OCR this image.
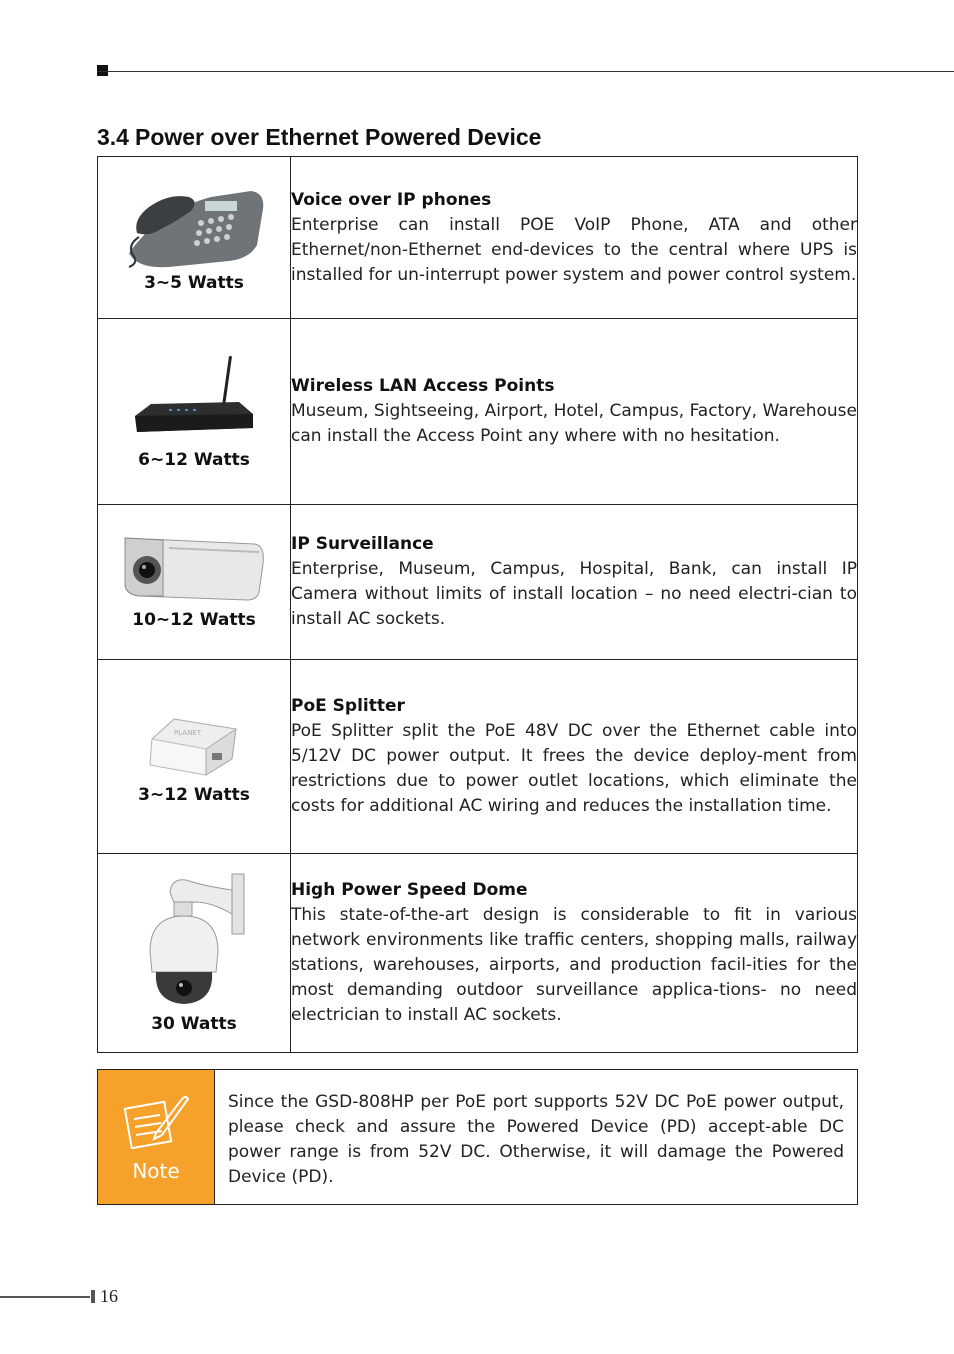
3.4 Power over Ethernet Powered Device
3~5 Watts	Voice over IP phones

Enterprise can install POE VoIP Phone, ATA and other Ethernet/non-Ethernet end-devices to the central where UPS is installed for un-interrupt power system and power control system.

6~12 Watts	Wireless LAN Access Points

Museum, Sightseeing, Airport, Hotel, Campus, Factory, Warehouse can install the Access Point any where with no hesitation.

10~12 Watts	IP Surveillance

Enterprise, Museum, Campus, Hospital, Bank, can install IP Camera without limits of install location – no need electri-cian to install AC sockets.

PLANET
3~12 Watts	PoE Splitter

PoE Splitter split the PoE 48V DC over the Ethernet cable into 5/12V DC power output. It frees the device deploy-ment from restrictions due to power outlet locations, which eliminate the costs for additional AC wiring and reduces the installation time.

30 Watts	High Power Speed Dome

This state-of-the-art design is considerable to fit in various network environments like traffic centers, shopping malls, railway stations, warehouses, airports, and production facil-ities for the most demanding outdoor surveillance applica-tions- no need electrician to install AC sockets.

Note

Since the GSD-808HP per PoE port supports 52V DC PoE power output, please check and assure the Powered Device (PD) accept-able DC power range is from 52V DC. Otherwise, it will damage the Powered Device (PD).

16
